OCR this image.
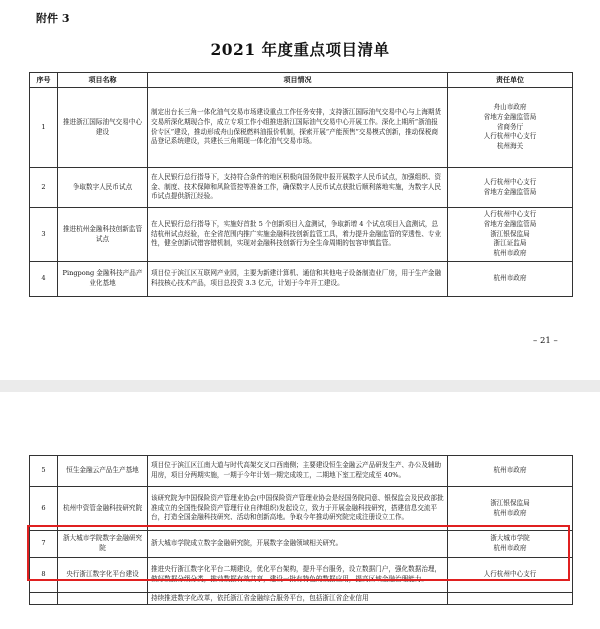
附件 3
2021 年度重点项目清单
序号	项目名称	项目情况	责任单位
1	推进浙江国际油气交易中心建设	制定出台长三角一体化油气交易市场建设重点工作任务安排，支持浙江国际油气交易中心与上海期货交易所深化期现合作，成立专项工作小组推进浙江国际油气交易中心开展工作。深化上期所“浙油报价专区”建设，推动形成舟山保税燃料油报价机制，探索开展“产能预售”交易模式创新，推动保税商品登记系统建设，共建长三角期现一体化油气交易市场。	舟山市政府
省地方金融监管局
省商务厅
人行杭州中心支行
杭州海关
2	争取数字人民币试点	在人民银行总行指导下，支持符合条件的地区积极向国务院申报开展数字人民币试点，加强组织、资金、制度、技术保障和风险管控等准备工作，确保数字人民币试点获批后顺利落地实施，为数字人民币试点提供浙江经验。	人行杭州中心支行
省地方金融监管局
3	推进杭州金融科技创新监管试点	在人民银行总行指导下，实施好首批 5 个创新项目入盒测试，争取新增 4 个试点项目入盒测试，总结杭州试点经验，在全省范围内推广实施金融科技创新监管工具，着力提升金融监管的穿透性、专业性，健全创新试错容错机制，实现对金融科技创新行为全生命周期的包容审慎监管。	人行杭州中心支行
省地方金融监管局
浙江银保监局
浙江证监局
杭州市政府
4	Pingpong 金融科技产品产业化基地	项目位于滨江区互联网产业园，主要为新建计算机、通信和其他电子设备制造业厂房，用于生产金融科技核心技术产品，项目总投资 3.3 亿元，计划于今年开工建设。	杭州市政府
– 21 –
5	恒生金融云产品生产基地	项目位于滨江区江南大道与时代高架交叉口西南侧；主要建设恒生金融云产品研发生产、办公及辅助用房，项目分两期实施，一期于今年计划一期完成竣工，二期地下室工程完成至 40%。	杭州市政府
6	杭州中资管金融科技研究院	该研究院为中国保险资产管理业协会(中国保险资产管理业协会是经国务院同意、银保监会及民政部批准成立的全国性保险资产管理行业自律组织)发起设立，致力于开展金融科技研究，搭建信息交流平台，打造全国金融科技研究、活动和创新高地。争取今年推动研究院完成注册设立工作。	浙江银保监局
杭州市政府
7	浙大城市学院数字金融研究院	浙大城市学院成立数字金融研究院，开展数字金融领域相关研究。	浙大城市学院
杭州市政府
8	央行浙江数字化平台建设	推进央行浙江数字化平台二期建设，优化平台架构，提升平台服务，设立数据门户，强化数据治理，做好数据分级分类，推动数据有效共享，建设一批有特色的数据应用，提高区域金融治理能力。	人行杭州中心支行
		持续推进数字化改革，依托浙江省金融综合服务平台，包括浙江省企业信用	
